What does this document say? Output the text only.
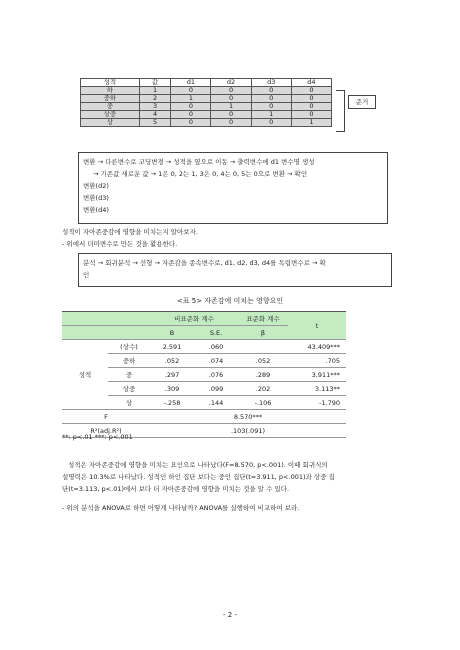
성적	값	d1	d2	d3	d4
하	1	0	0	0	0
중하	2	1	0	0	0
중	3	0	1	0	0
상중	4	0	0	1	0
상	5	0	0	0	1
준거
변환 → 다른변수로 코딩변경 → 성적을 옆으로 이동 → 출력변수에 d1 변수명 생성
→ 기존값 새로운 값 → 1은 0, 2는 1, 3은 0, 4는 0, 5는 0으로 변환 → 확인
변환(d2)
변환(d3)
변환(d4)
성적이 자아존중감에 영향을 미치는지 알아보자.
- 위에서 더미변수로 만든 것을 활용한다.
분석 → 회귀분석 → 선형 → 자존감을 종속변수로, d1, d2, d3, d4를 독립변수로 → 확
인
<표 5> 자존감에 미치는 영향요인
		비표준화 계수		표준화 계수	t
		B	S.E.	β	
성적	(상수)	2.591	.060		43.409***
	중하	.052	.074	.052	.705
	중	.297	.076	.289	3.911***
	상중	.309	.099	.202	3.113**
	상	-.258	.144	-.106	-1.790
F		8.570***			
R²(adj.R²)		.103(.091)			
**: p<.01 ***: p<.001
성적은 자아존중감에 영향을 미치는 요인으로 나타났다(F=8.570, p<.001). 이때 회귀식의
설명력은 10.3%로 나타났다. 성적인 하인 집단 보다는 중인 집단(t=3.911, p<.001)과 상중 집
단(t=3.113, p<.01)에서 보다 더 자아존중감에 영향을 미치는 것을 알 수 있다.
- 위의 분석을 ANOVA로 하면 어떻게 나타날까? ANOVA를 실행하여 비교하여 보라.
- 2 -
